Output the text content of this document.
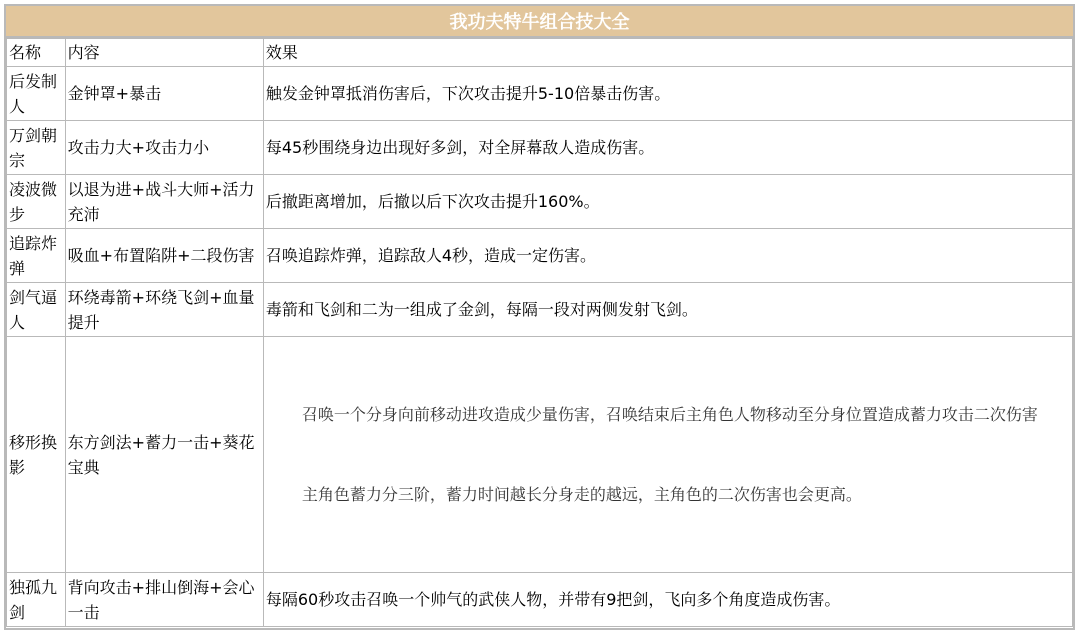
我功夫特牛组合技大全
名称	内容	效果
后发制人	金钟罩+暴击	触发金钟罩抵消伤害后，下次攻击提升5-10倍暴击伤害。
万剑朝宗	攻击力大+攻击力小	每45秒围绕身边出现好多剑，对全屏幕敌人造成伤害。
凌波微步	以退为进+战斗大师+活力充沛	后撤距离增加，后撤以后下次攻击提升160%。
追踪炸弹	吸血+布置陷阱+二段伤害	召唤追踪炸弹，追踪敌人4秒，造成一定伤害。
剑气逼人	环绕毒箭+环绕飞剑+血量提升	毒箭和飞剑和二为一组成了金剑，每隔一段对两侧发射飞剑。
移形换影	东方剑法+蓄力一击+葵花宝典	召唤一个分身向前移动进攻造成少量伤害，召唤结束后主角色人物移动至分身位置造成蓄力攻击二次伤害

主角色蓄力分三阶，蓄力时间越长分身走的越远，主角色的二次伤害也会更高。

独孤九剑	背向攻击+排山倒海+会心一击	每隔60秒攻击召唤一个帅气的武侠人物，并带有9把剑，飞向多个角度造成伤害。
